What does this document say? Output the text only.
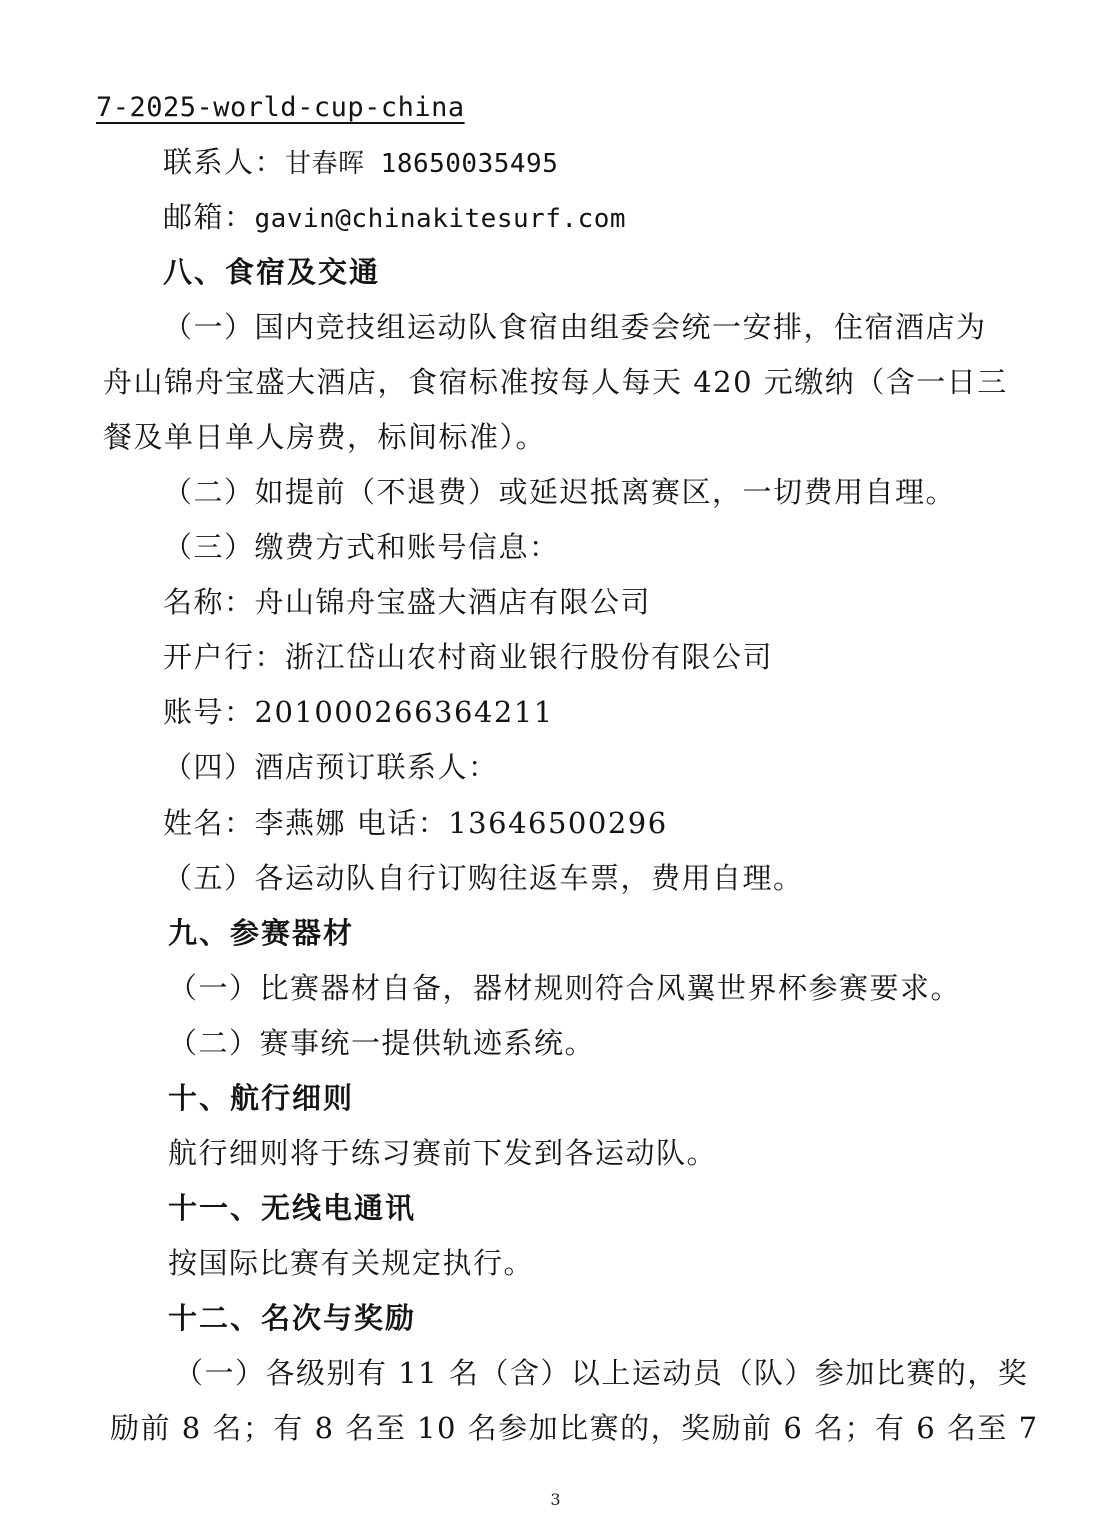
7-2025-world-cup-china
联系人：甘春晖 18650035495
邮箱：gavin@chinakitesurf.com
八、食宿及交通
（一）国内竞技组运动队食宿由组委会统一安排，住宿酒店为
舟山锦舟宝盛大酒店，食宿标准按每人每天 420 元缴纳（含一日三
餐及单日单人房费，标间标准）。
（二）如提前（不退费）或延迟抵离赛区，一切费用自理。
（三）缴费方式和账号信息：
名称：舟山锦舟宝盛大酒店有限公司
开户行：浙江岱山农村商业银行股份有限公司
账号：201000266364211
（四）酒店预订联系人：
姓名：李燕娜 电话：13646500296
（五）各运动队自行订购往返车票，费用自理。
九、参赛器材
（一）比赛器材自备，器材规则符合风翼世界杯参赛要求。
（二）赛事统一提供轨迹系统。
十、航行细则
航行细则将于练习赛前下发到各运动队。
十一、无线电通讯
按国际比赛有关规定执行。
十二、名次与奖励
（一）各级别有 11 名（含）以上运动员（队）参加比赛的，奖
励前 8 名；有 8 名至 10 名参加比赛的，奖励前 6 名；有 6 名至 7
3
